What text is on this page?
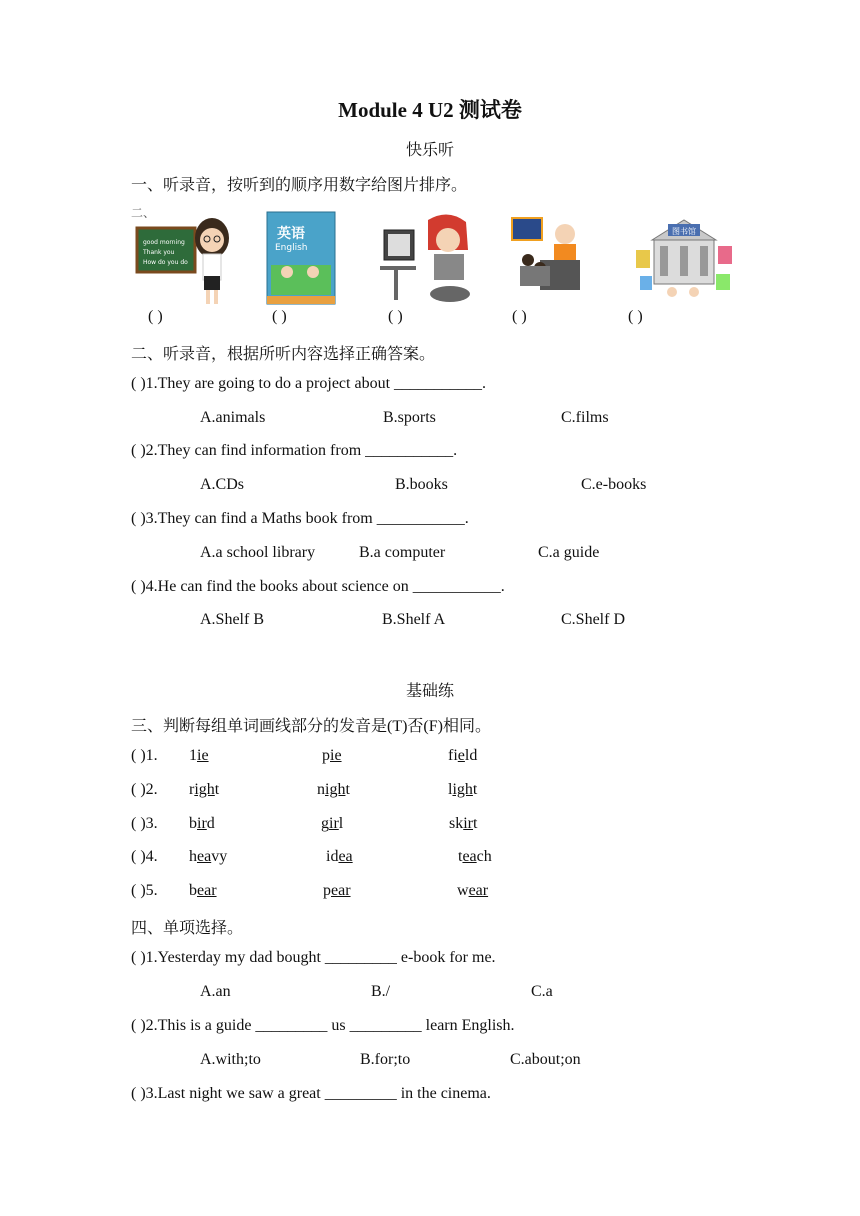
Module 4 U2 测试卷
快乐听
一、听录音，按听到的顺序用数字给图片排序。
二、
good morning
Thank you
How do you do
英语
English
图书馆
( )	( )	( )	( )	( )
二、听录音，根据所听内容选择正确答案。
( )1.They are going to do a project about ___________.
A.animals	B.sports	C.films
( )2.They can find information from ___________.
A.CDs	B.books	C.e-books
( )3.They can find a Maths book from ___________.
A.a school library	B.a computer	C.a guide
( )4.He can find the books about science on ___________.
A.Shelf B	B.Shelf A	C.Shelf D
基础练
三、判断每组单词画线部分的发音是(T)否(F)相同。
( )1. 1ie	pie	field
( )2. right	night	light
( )3. bird	girl	skirt
( )4. heavy	idea	teach
( )5. bear	pear	wear
四、单项选择。
( )1.Yesterday my dad bought _________ e-book for me.
A.an	B./	C.a
( )2.This is a guide _________ us _________ learn English.
A.with;to	B.for;to	C.about;on
( )3.Last night we saw a great _________ in the cinema.
